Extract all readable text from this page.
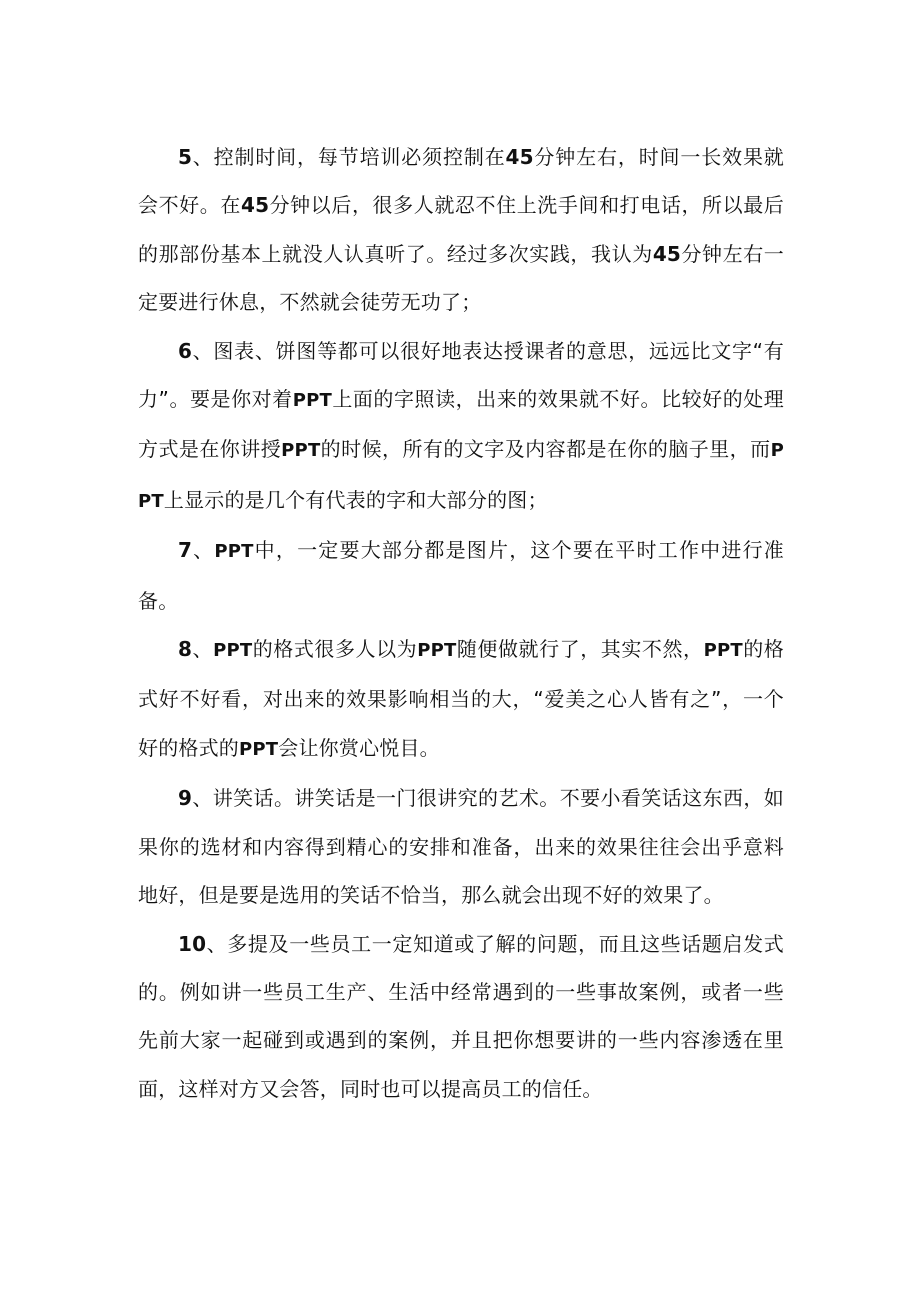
5、控制时间，每节培训必须控制在45分钟左右，时间一长效果就会不好。在45分钟以后，很多人就忍不住上洗手间和打电话，所以最后的那部份基本上就没人认真听了。经过多次实践，我认为45分钟左右一定要进行休息，不然就会徒劳无功了；

6、图表、饼图等都可以很好地表达授课者的意思，远远比文字“有力”。要是你对着PPT上面的字照读，出来的效果就不好。比较好的处理方式是在你讲授PPT的时候，所有的文字及内容都是在你的脑子里，而PPT上显示的是几个有代表的字和大部分的图；

7、PPT中，一定要大部分都是图片，这个要在平时工作中进行准备。

8、PPT的格式很多人以为PPT随便做就行了，其实不然，PPT的格式好不好看，对出来的效果影响相当的大，“爱美之心人皆有之”，一个好的格式的PPT会让你赏心悦目。

9、讲笑话。讲笑话是一门很讲究的艺术。不要小看笑话这东西，如果你的选材和内容得到精心的安排和准备，出来的效果往往会出乎意料地好，但是要是选用的笑话不恰当，那么就会出现不好的效果了。

10、多提及一些员工一定知道或了解的问题，而且这些话题启发式的。例如讲一些员工生产、生活中经常遇到的一些事故案例，或者一些先前大家一起碰到或遇到的案例，并且把你想要讲的一些内容渗透在里面，这样对方又会答，同时也可以提高员工的信任。
